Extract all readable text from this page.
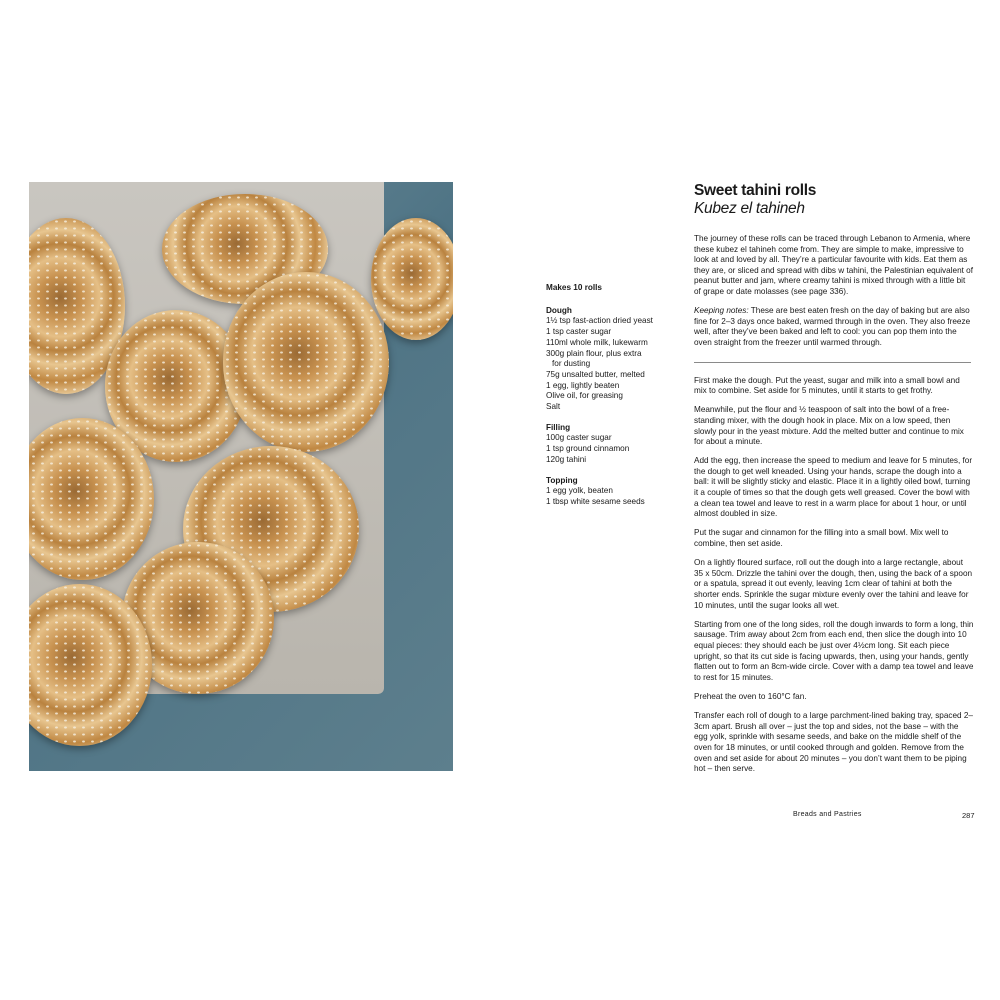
Makes 10 rolls
Dough
1½ tsp fast-action dried yeast
1 tsp caster sugar
110ml whole milk, lukewarm
300g plain flour, plus extra
for dusting
75g unsalted butter, melted
1 egg, lightly beaten
Olive oil, for greasing
Salt
Filling
100g caster sugar
1 tsp ground cinnamon
120g tahini
Topping
1 egg yolk, beaten
1 tbsp white sesame seeds
Sweet tahini rolls
Kubez el tahineh

The journey of these rolls can be traced through Lebanon to Armenia, where these kubez el tahineh come from. They are simple to make, impressive to look at and loved by all. They’re a particular favourite with kids. Eat them as they are, or sliced and spread with dibs w tahini, the Palestinian equivalent of peanut butter and jam, where creamy tahini is mixed through with a little bit of grape or date molasses (see page 336).

Keeping notes: These are best eaten fresh on the day of baking but are also fine for 2–3 days once baked, warmed through in the oven. They also freeze well, after they’ve been baked and left to cool: you can pop them into the oven straight from the freezer until warmed through.

First make the dough. Put the yeast, sugar and milk into a small bowl and mix to combine. Set aside for 5 minutes, until it starts to get frothy.

Meanwhile, put the flour and ½ teaspoon of salt into the bowl of a free-standing mixer, with the dough hook in place. Mix on a low speed, then slowly pour in the yeast mixture. Add the melted butter and continue to mix for about a minute.

Add the egg, then increase the speed to medium and leave for 5 minutes, for the dough to get well kneaded. Using your hands, scrape the dough into a ball: it will be slightly sticky and elastic. Place it in a lightly oiled bowl, turning it a couple of times so that the dough gets well greased. Cover the bowl with a clean tea towel and leave to rest in a warm place for about 1 hour, or until almost doubled in size.

Put the sugar and cinnamon for the filling into a small bowl. Mix well to combine, then set aside.

On a lightly floured surface, roll out the dough into a large rectangle, about 35 x 50cm. Drizzle the tahini over the dough, then, using the back of a spoon or a spatula, spread it out evenly, leaving 1cm clear of tahini at both the shorter ends. Sprinkle the sugar mixture evenly over the tahini and leave for 10 minutes, until the sugar looks all wet.

Starting from one of the long sides, roll the dough inwards to form a long, thin sausage. Trim away about 2cm from each end, then slice the dough into 10 equal pieces: they should each be just over 4½cm long. Sit each piece upright, so that its cut side is facing upwards, then, using your hands, gently flatten out to form an 8cm-wide circle. Cover with a damp tea towel and leave to rest for 15 minutes.

Preheat the oven to 160°C fan.

Transfer each roll of dough to a large parchment-lined baking tray, spaced 2–3cm apart. Brush all over – just the top and sides, not the base – with the egg yolk, sprinkle with sesame seeds, and bake on the middle shelf of the oven for 18 minutes, or until cooked through and golden. Remove from the oven and set aside for about 20 minutes – you don’t want them to be piping hot – then serve.

Breads and Pastries	287
